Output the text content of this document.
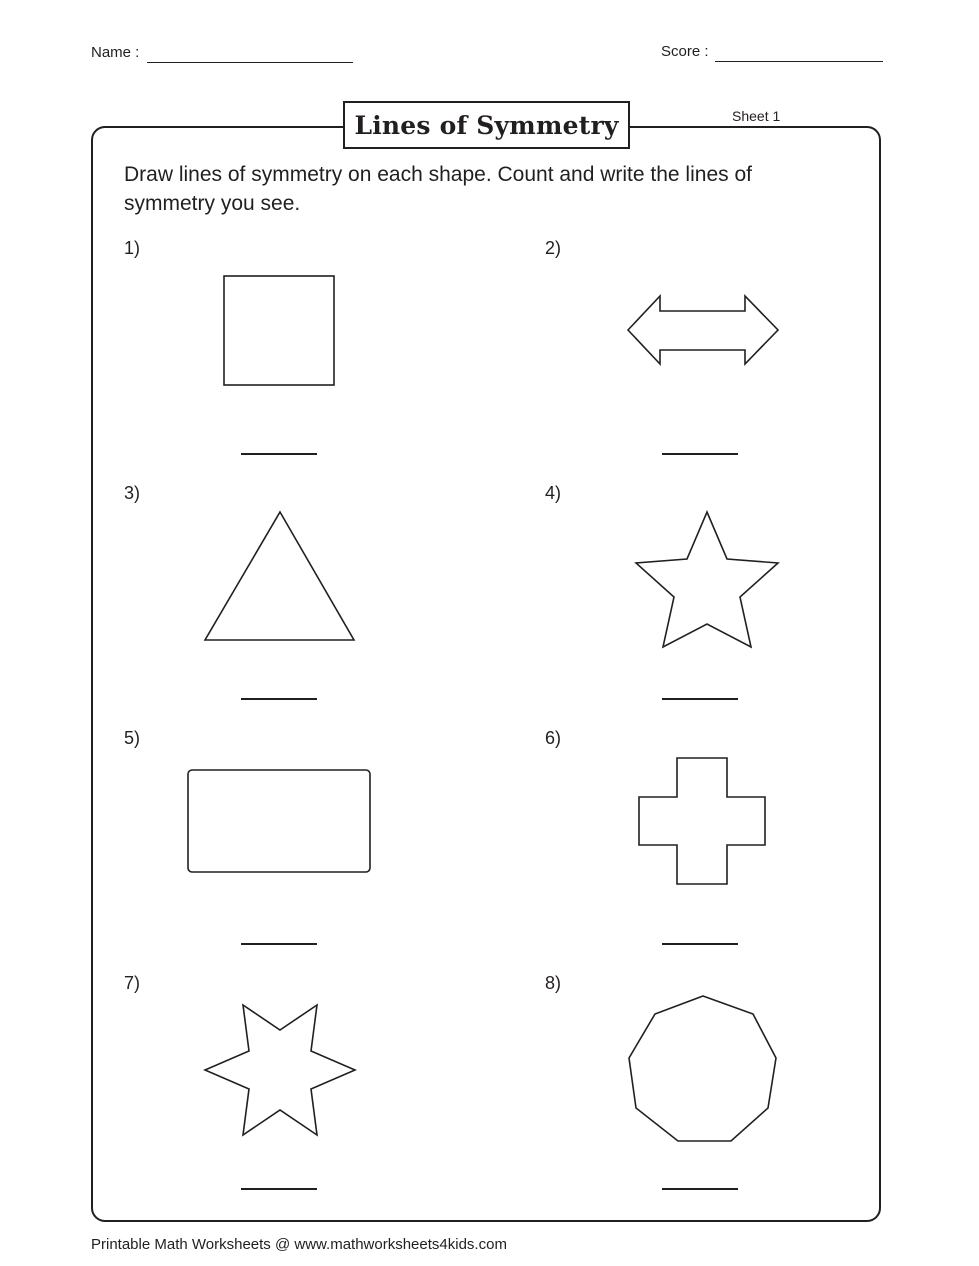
Name :	Score :
Lines of Symmetry	Sheet 1
Draw lines of symmetry on each shape. Count and write the lines of symmetry you see.
1)	2)
3)	4)
5)	6)
7)	8)
Printable Math Worksheets @ www.mathworksheets4kids.com
